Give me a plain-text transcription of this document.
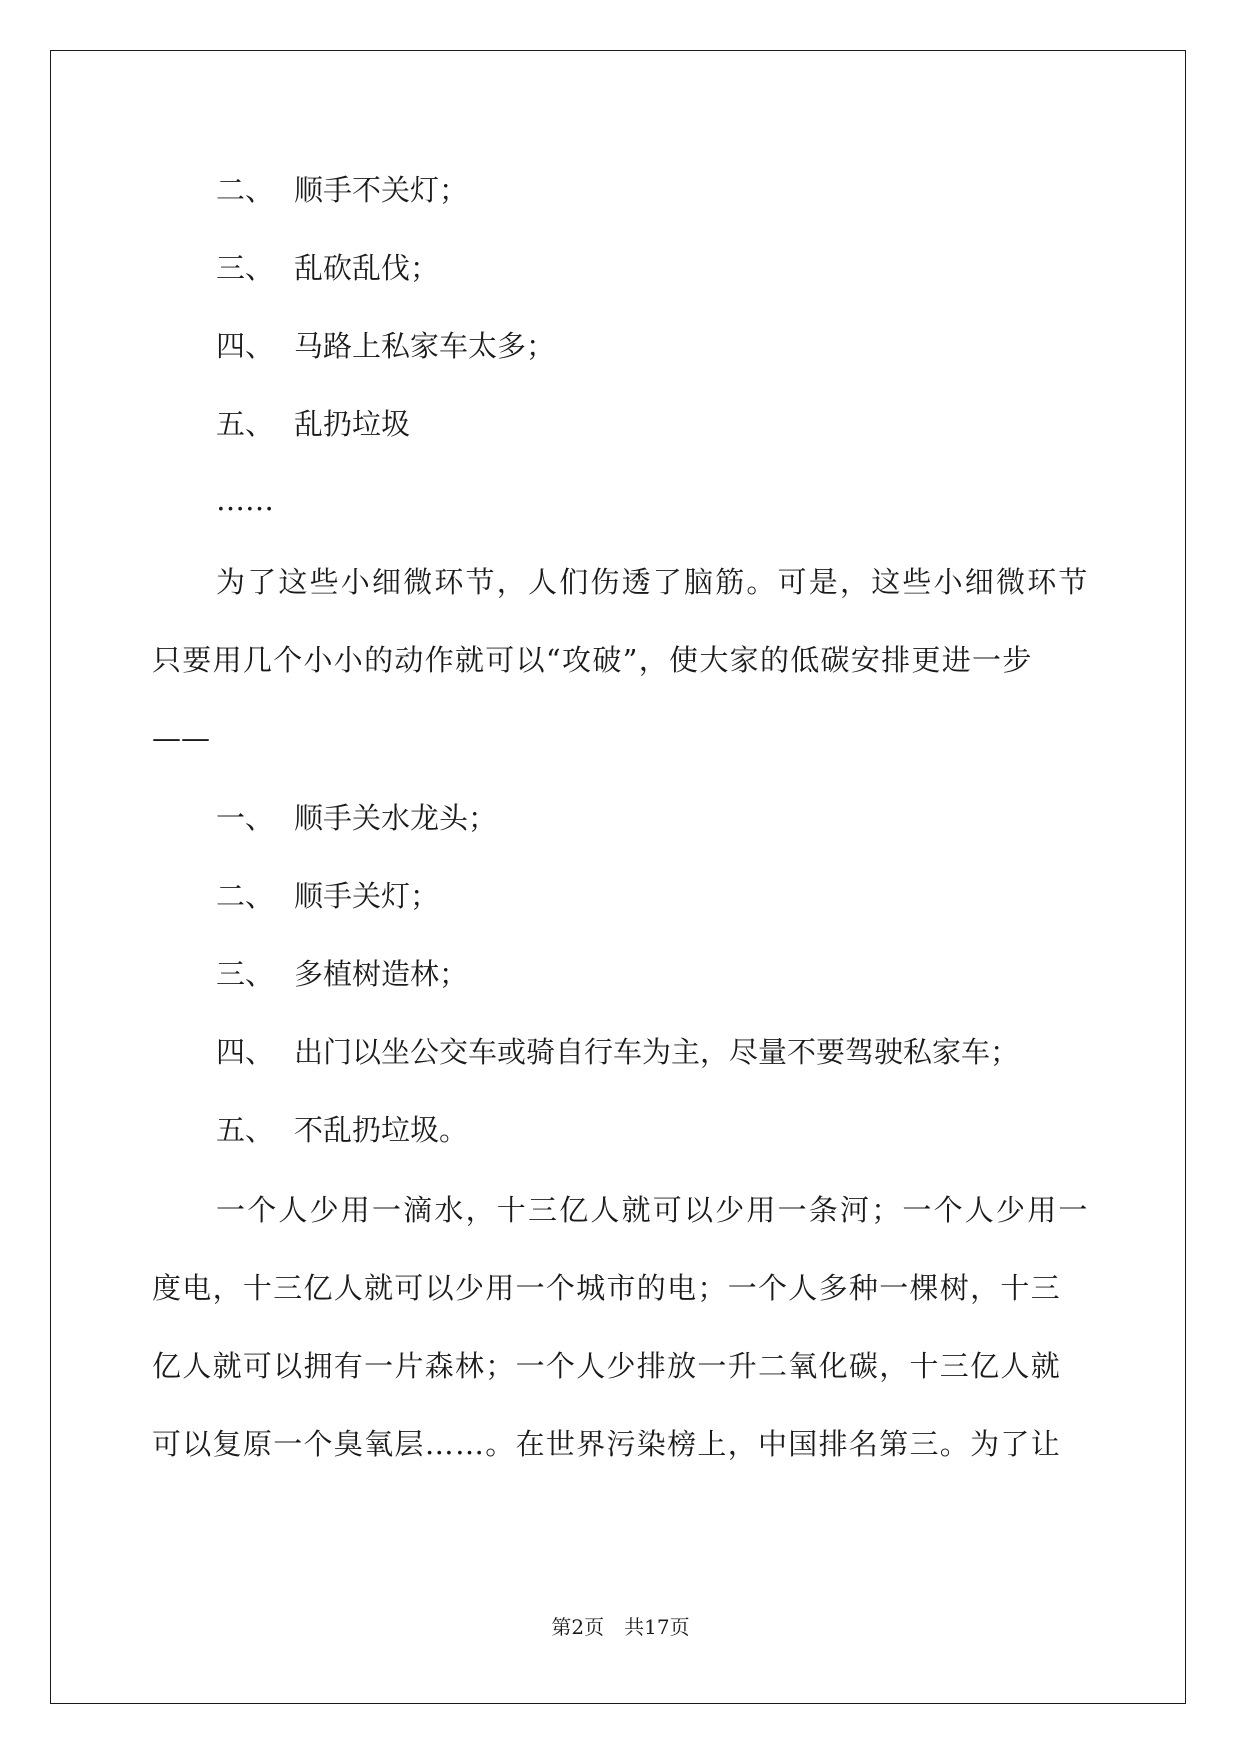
二、 顺手不关灯；
三、 乱砍乱伐；
四、 马路上私家车太多；
五、 乱扔垃圾
……
为了这些小细微环节，人们伤透了脑筋。可是，这些小细微环节
只要用几个小小的动作就可以“攻破”，使大家的低碳安排更进一步
——
一、 顺手关水龙头；
二、 顺手关灯；
三、 多植树造林；
四、 出门以坐公交车或骑自行车为主，尽量不要驾驶私家车；
五、 不乱扔垃圾。
一个人少用一滴水，十三亿人就可以少用一条河；一个人少用一
度电，十三亿人就可以少用一个城市的电；一个人多种一棵树，十三
亿人就可以拥有一片森林；一个人少排放一升二氧化碳，十三亿人就
可以复原一个臭氧层……。在世界污染榜上，中国排名第三。为了让
第2页 共17页
